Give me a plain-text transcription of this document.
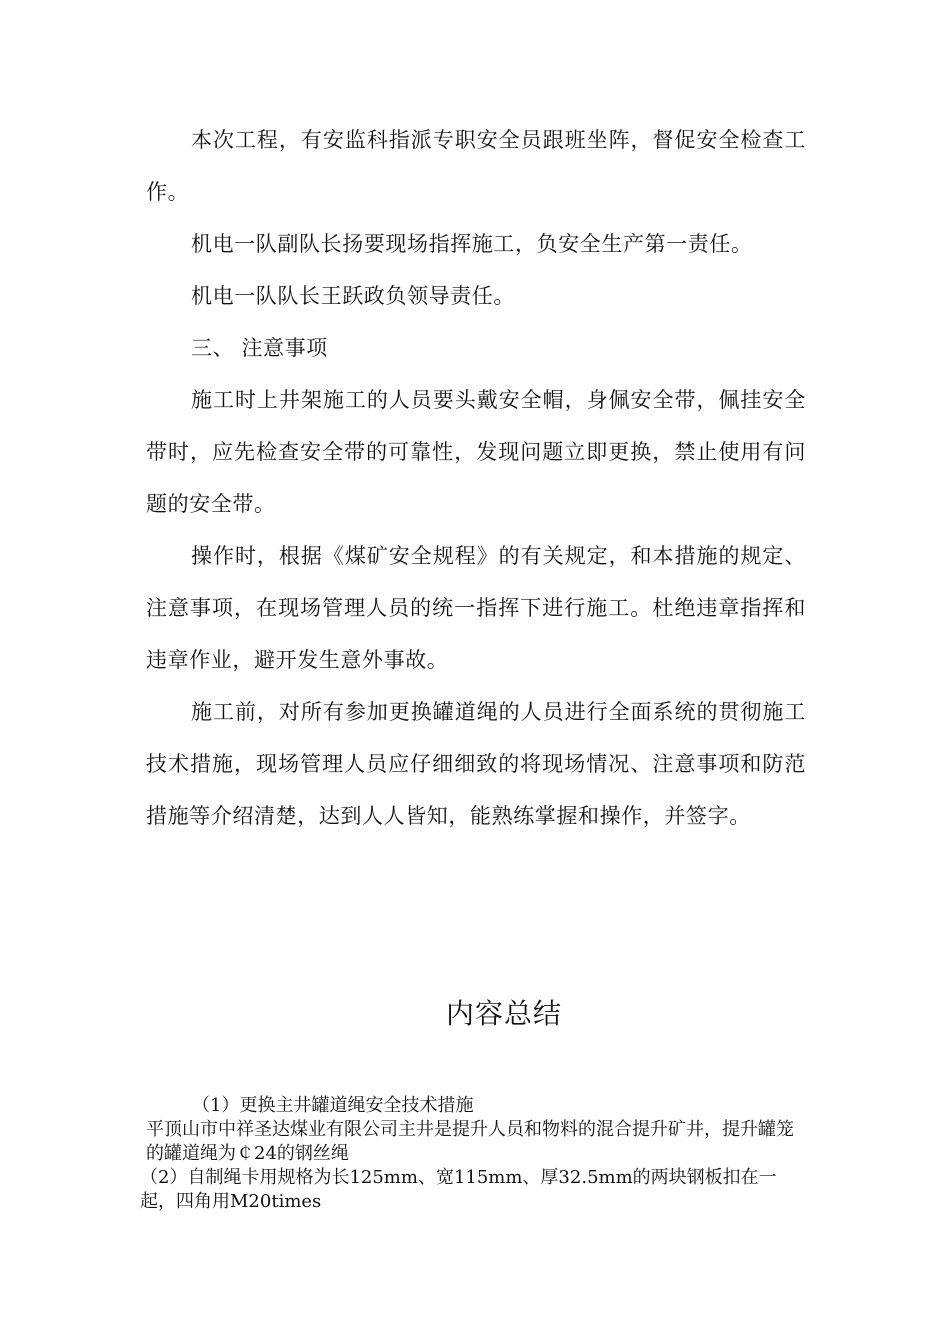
本次工程，有安监科指派专职安全员跟班坐阵，督促安全检查工作。

机电一队副队长扬要现场指挥施工，负安全生产第一责任。

机电一队队长王跃政负领导责任。

三、 注意事项

施工时上井架施工的人员要头戴安全帽，身佩安全带，佩挂安全带时，应先检查安全带的可靠性，发现问题立即更换，禁止使用有问题的安全带。

操作时，根据《煤矿安全规程》的有关规定，和本措施的规定、注意事项，在现场管理人员的统一指挥下进行施工。杜绝违章指挥和违章作业，避开发生意外事故。

施工前，对所有参加更换罐道绳的人员进行全面系统的贯彻施工技术措施，现场管理人员应仔细细致的将现场情况、注意事项和防范措施等介绍清楚，达到人人皆知，能熟练掌握和操作，并签字。

内容总结

（1）更换主井罐道绳安全技术措施

平顶山市中祥圣达煤业有限公司主井是提升人员和物料的混合提升矿井，提升罐笼的罐道绳为￠24的钢丝绳

（2）自制绳卡用规格为长125mm、宽115mm、厚32.5mm的两块钢板扣在一起，四角用M20times
